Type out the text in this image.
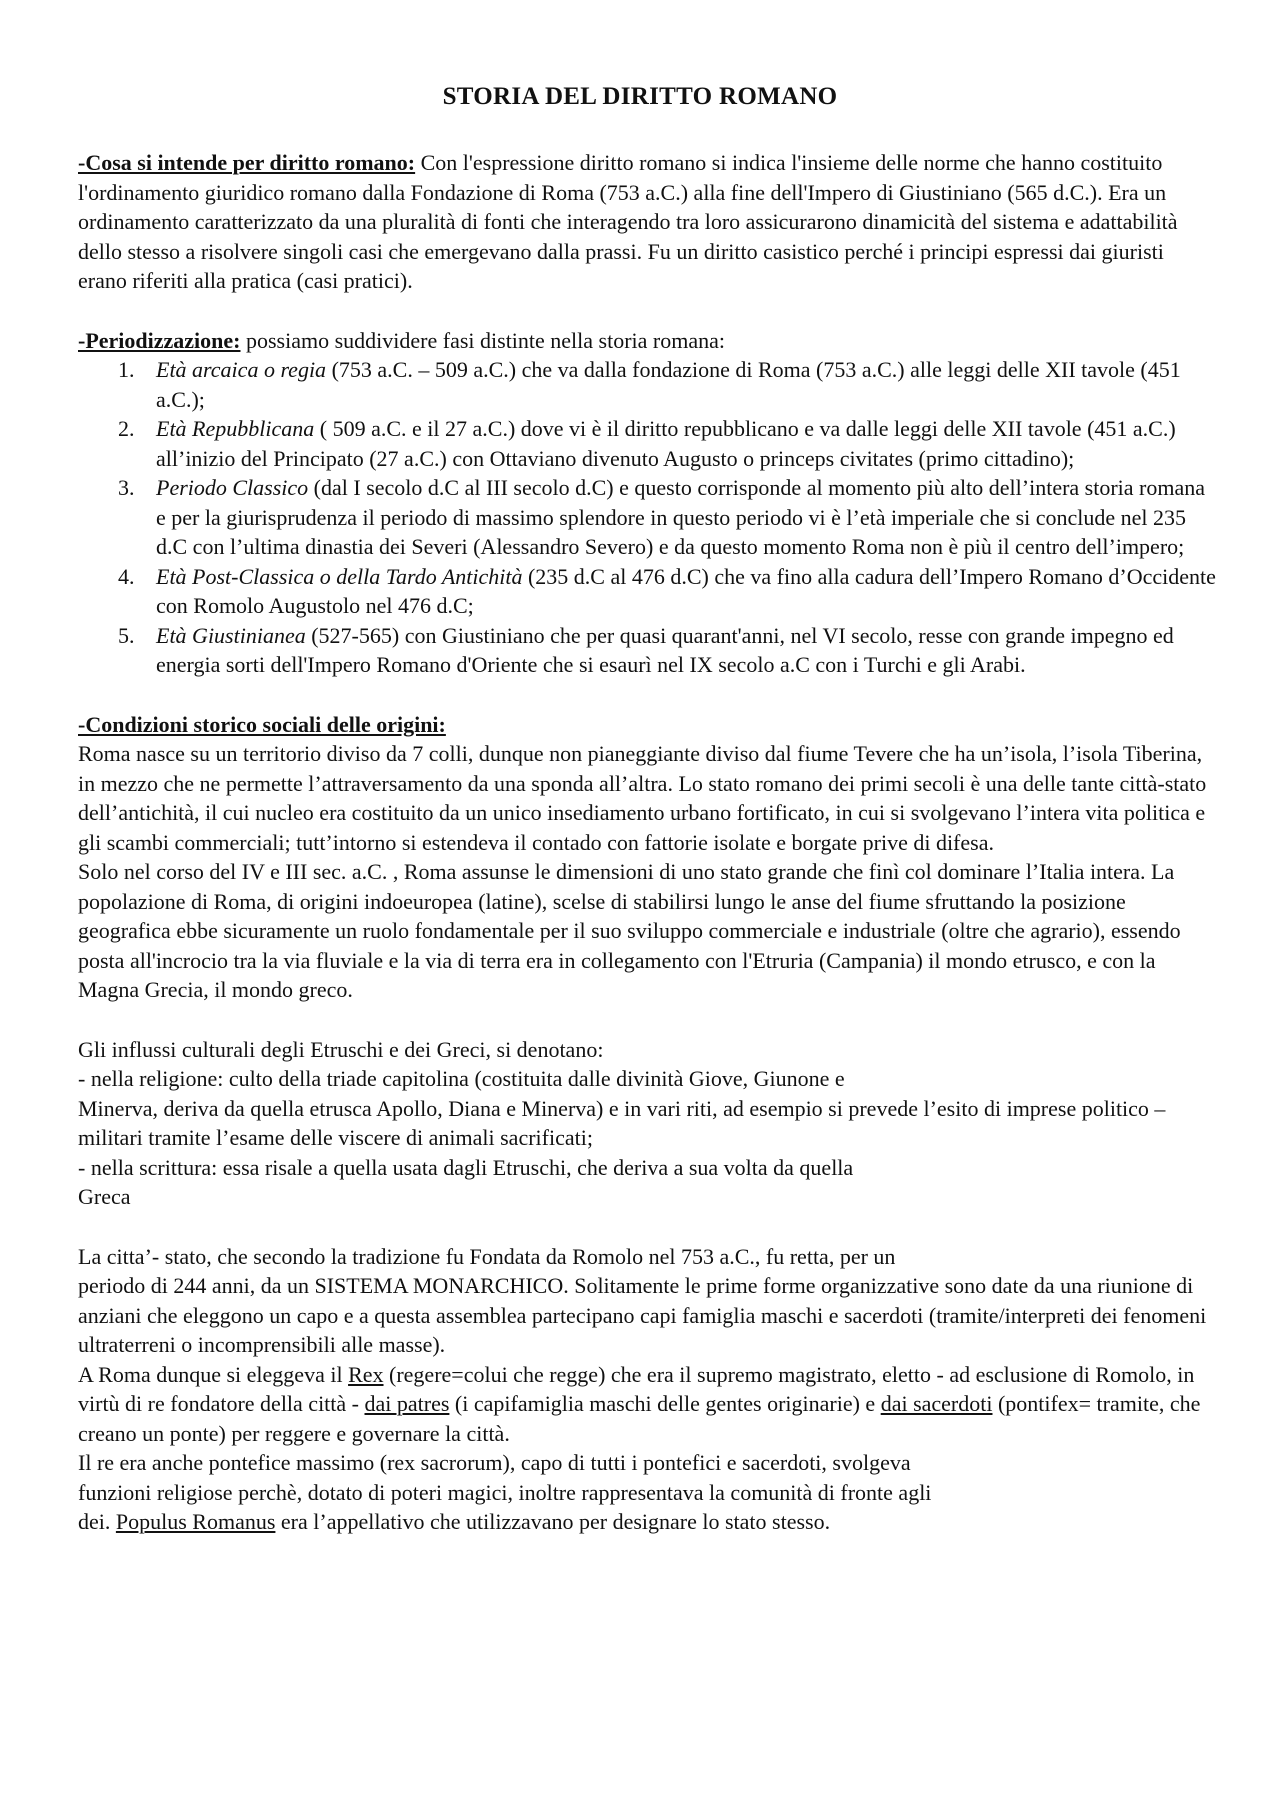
STORIA DEL DIRITTO ROMANO

-Cosa si intende per diritto romano: Con l'espressione diritto romano si indica l'insieme delle norme che hanno costituito l'ordinamento giuridico romano dalla Fondazione di Roma (753 a.C.) alla fine dell'Impero di Giustiniano (565 d.C.). Era un ordinamento caratterizzato da una pluralità di fonti che interagendo tra loro assicurarono dinamicità del sistema e adattabilità dello stesso a risolvere singoli casi che emergevano dalla prassi. Fu un diritto casistico perché i principi espressi dai giuristi erano riferiti alla pratica (casi pratici).

-Periodizzazione: possiamo suddividere fasi distinte nella storia romana:

1. Età arcaica o regia (753 a.C. – 509 a.C.) che va dalla fondazione di Roma (753 a.C.) alle leggi delle XII tavole (451 a.C.);
2. Età Repubblicana ( 509 a.C. e il 27 a.C.) dove vi è il diritto repubblicano e va dalle leggi delle XII tavole (451 a.C.) all’inizio del Principato (27 a.C.) con Ottaviano divenuto Augusto o princeps civitates (primo cittadino);
3. Periodo Classico (dal I secolo d.C al III secolo d.C) e questo corrisponde al momento più alto dell’intera storia romana e per la giurisprudenza il periodo di massimo splendore in questo periodo vi è l’età imperiale che si conclude nel 235 d.C con l’ultima dinastia dei Severi (Alessandro Severo) e da questo momento Roma non è più il centro dell’impero;
4. Età Post-Classica o della Tardo Antichità (235 d.C al 476 d.C) che va fino alla cadura dell’Impero Romano d’Occidente con Romolo Augustolo nel 476 d.C;
5. Età Giustinianea (527-565) con Giustiniano che per quasi quarant'anni, nel VI secolo, resse con grande impegno ed energia sorti dell'Impero Romano d'Oriente che si esaurì nel IX secolo a.C con i Turchi e gli Arabi.

-Condizioni storico sociali delle origini:

Roma nasce su un territorio diviso da 7 colli, dunque non pianeggiante diviso dal fiume Tevere che ha un’isola, l’isola Tiberina, in mezzo che ne permette l’attraversamento da una sponda all’altra. Lo stato romano dei primi secoli è una delle tante città-stato dell’antichità, il cui nucleo era costituito da un unico insediamento urbano fortificato, in cui si svolgevano l’intera vita politica e gli scambi commerciali; tutt’intorno si estendeva il contado con fattorie isolate e borgate prive di difesa.

Solo nel corso del IV e III sec. a.C. , Roma assunse le dimensioni di uno stato grande che finì col dominare l’Italia intera. La popolazione di Roma, di origini indoeuropea (latine), scelse di stabilirsi lungo le anse del fiume sfruttando la posizione geografica ebbe sicuramente un ruolo fondamentale per il suo sviluppo commerciale e industriale (oltre che agrario), essendo posta all'incrocio tra la via fluviale e la via di terra era in collegamento con l'Etruria (Campania) il mondo etrusco, e con la Magna Grecia, il mondo greco.

Gli influssi culturali degli Etruschi e dei Greci, si denotano:

- nella religione: culto della triade capitolina (costituita dalle divinità Giove, Giunone e

Minerva, deriva da quella etrusca Apollo, Diana e Minerva) e in vari riti, ad esempio si prevede l’esito di imprese politico – militari tramite l’esame delle viscere di animali sacrificati;

- nella scrittura: essa risale a quella usata dagli Etruschi, che deriva a sua volta da quella

Greca

La citta’- stato, che secondo la tradizione fu Fondata da Romolo nel 753 a.C., fu retta, per un

periodo di 244 anni, da un SISTEMA MONARCHICO. Solitamente le prime forme organizzative sono date da una riunione di anziani che eleggono un capo e a questa assemblea partecipano capi famiglia maschi e sacerdoti (tramite/interpreti dei fenomeni ultraterreni o incomprensibili alle masse).

A Roma dunque si eleggeva il Rex (regere=colui che regge) che era il supremo magistrato, eletto - ad esclusione di Romolo, in virtù di re fondatore della città - dai patres (i capifamiglia maschi delle gentes originarie) e dai sacerdoti (pontifex= tramite, che creano un ponte) per reggere e governare la città.

Il re era anche pontefice massimo (rex sacrorum), capo di tutti i pontefici e sacerdoti, svolgeva

funzioni religiose perchè, dotato di poteri magici, inoltre rappresentava la comunità di fronte agli

dei. Populus Romanus era l’appellativo che utilizzavano per designare lo stato stesso.
